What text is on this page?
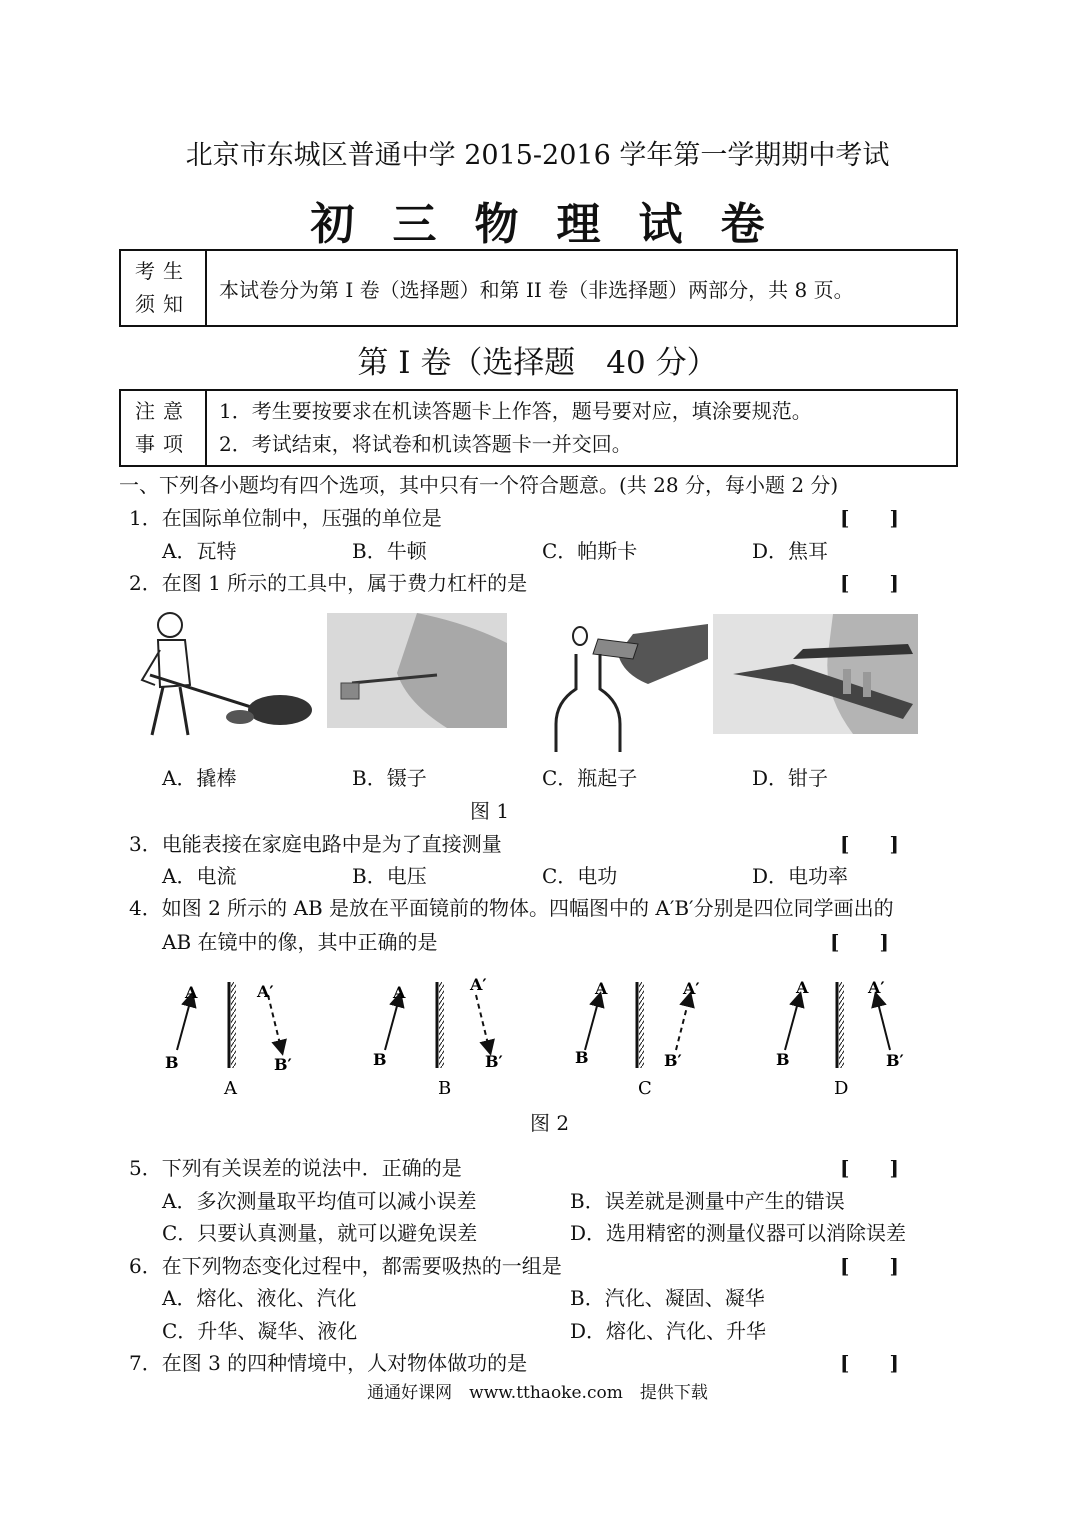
北京市东城区普通中学 2015-2016 学年第一学期期中考试
初三物理试卷
考生
须知
	本试卷分为第 I 卷（选择题）和第 II 卷（非选择题）两部分，共 8 页。
第 I 卷（选择题　40 分）
注意
事项

1．考生要按要求在机读答题卡上作答，题号要对应，填涂要规范。
2．考试结束，将试卷和机读答题卡一并交回。
一、下列各小题均有四个选项，其中只有一个符合题意。(共 28 分，每小题 2 分)
1．在国际单位制中，压强的单位是	[　　]
A．瓦特	B．牛顿	C．帕斯卡	D．焦耳
2．在图 1 所示的工具中，属于费力杠杆的是	[　　]
A．撬棒	B．镊子	C．瓶起子	D．钳子
图 1
3．电能表接在家庭电路中是为了直接测量	[　　]
A．电流	B．电压	C．电功	D．电功率
4．如图 2 所示的 AB 是放在平面镜前的物体。四幅图中的 A′B′分别是四位同学画出的
AB 在镜中的像，其中正确的是	[　　]
A
B
A′
B′
A
A
B
A′
B′
B
A
B
A′
B′
C
A
B
A′
B′
D
图 2
5．下列有关误差的说法中．正确的是	[　　]
A．多次测量取平均值可以减小误差	B．误差就是测量中产生的错误
C．只要认真测量，就可以避免误差	D．选用精密的测量仪器可以消除误差
6．在下列物态变化过程中，都需要吸热的一组是	[　　]
A．熔化、液化、汽化	B．汽化、凝固、凝华
C．升华、凝华、液化	D．熔化、汽化、升华
7．在图 3 的四种情境中，人对物体做功的是	[　　]
通通好课网　www.tthaoke.com　提供下载
